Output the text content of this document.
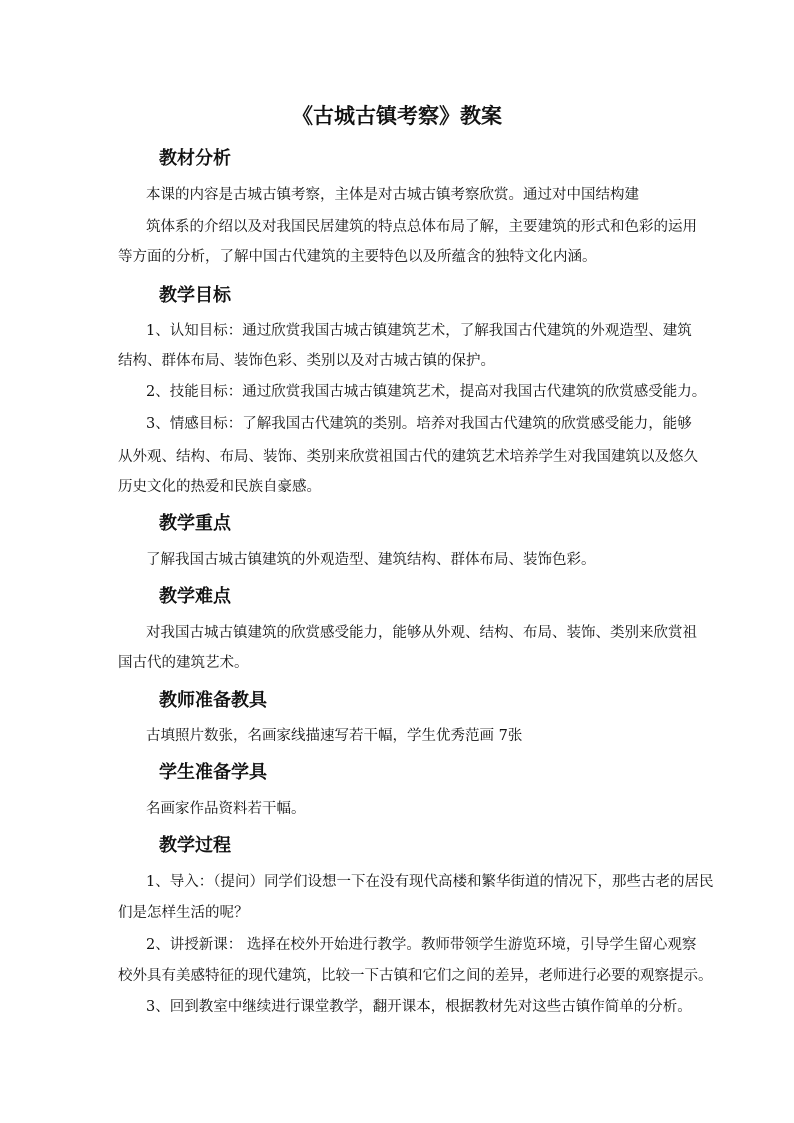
《古城古镇考察》教案
教材分析
本课的内容是古城古镇考察，主体是对古城古镇考察欣赏。通过对中国结构建
筑体系的介绍以及对我国民居建筑的特点总体布局了解，主要建筑的形式和色彩的运用
等方面的分析，了解中国古代建筑的主要特色以及所蕴含的独特文化内涵。
教学目标
1、认知目标：通过欣赏我国古城古镇建筑艺术，了解我国古代建筑的外观造型、建筑
结构、群体布局、装饰色彩、类别以及对古城古镇的保护。
2、技能目标：通过欣赏我国古城古镇建筑艺术，提高对我国古代建筑的欣赏感受能力。
3、情感目标：了解我国古代建筑的类别。培养对我国古代建筑的欣赏感受能力，能够
从外观、结构、布局、装饰、类别来欣赏祖国古代的建筑艺术培养学生对我国建筑以及悠久
历史文化的热爱和民族自豪感。
教学重点
了解我国古城古镇建筑的外观造型、建筑结构、群体布局、装饰色彩。
教学难点
对我国古城古镇建筑的欣赏感受能力，能够从外观、结构、布局、装饰、类别来欣赏祖
国古代的建筑艺术。
教师准备教具
古填照片数张，名画家线描速写若干幅，学生优秀范画 7张
学生准备学具
名画家作品资料若干幅。
教学过程
1、导入：（提问）同学们设想一下在没有现代高楼和繁华街道的情况下，那些古老的居民
们是怎样生活的呢？
2、讲授新课： 选择在校外开始进行教学。教师带领学生游览环境，引导学生留心观察
校外具有美感特征的现代建筑，比较一下古镇和它们之间的差异，老师进行必要的观察提示。
3、回到教室中继续进行课堂教学，翻开课本，根据教材先对这些古镇作简单的分析。
